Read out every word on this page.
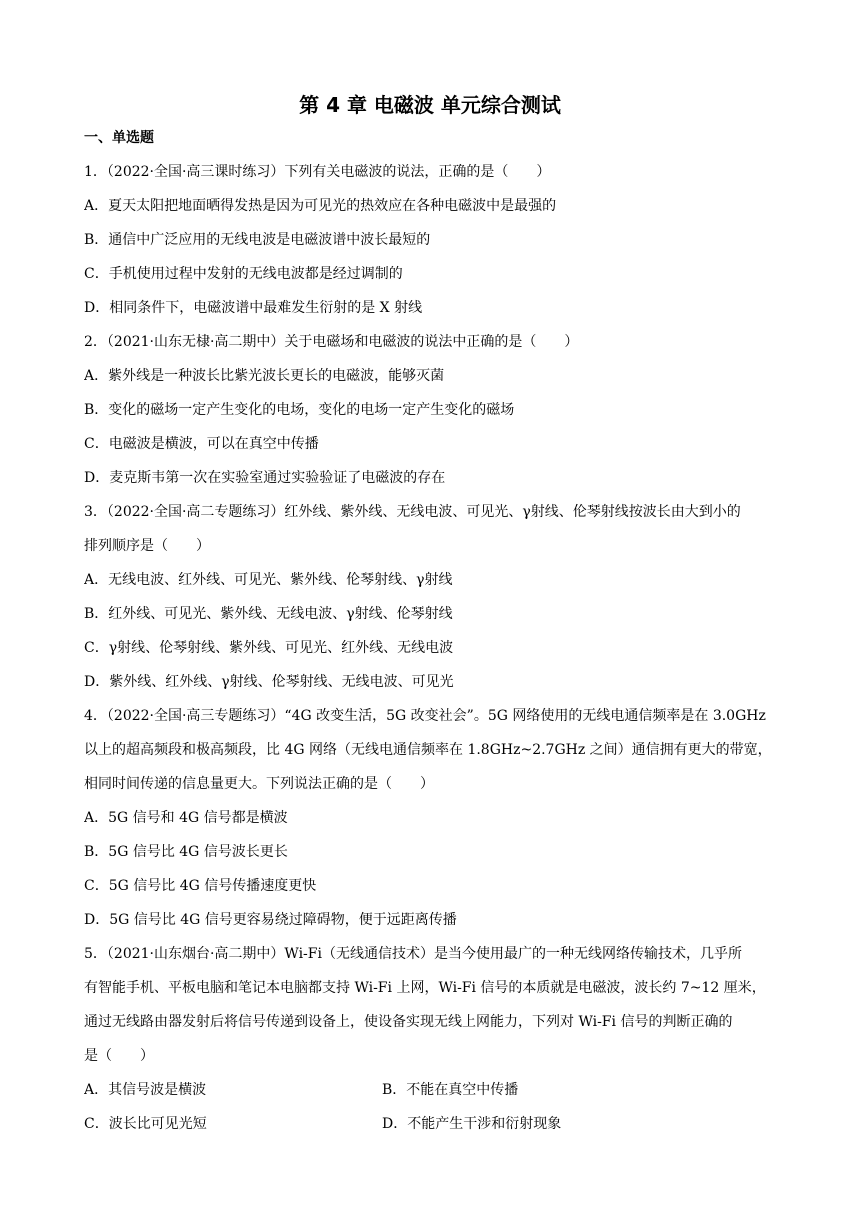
第 4 章 电磁波 单元综合测试
一、单选题
1．（2022·全国·高三课时练习）下列有关电磁波的说法，正确的是（　　）
A．夏天太阳把地面晒得发热是因为可见光的热效应在各种电磁波中是最强的
B．通信中广泛应用的无线电波是电磁波谱中波长最短的
C．手机使用过程中发射的无线电波都是经过调制的
D．相同条件下，电磁波谱中最难发生衍射的是 X 射线
2．（2021·山东无棣·高二期中）关于电磁场和电磁波的说法中正确的是（　　）
A．紫外线是一种波长比紫光波长更长的电磁波，能够灭菌
B．变化的磁场一定产生变化的电场，变化的电场一定产生变化的磁场
C．电磁波是横波，可以在真空中传播
D．麦克斯韦第一次在实验室通过实验验证了电磁波的存在
3．（2022·全国·高二专题练习）红外线、紫外线、无线电波、可见光、γ射线、伦琴射线按波长由大到小的
排列顺序是（　　）
A．无线电波、红外线、可见光、紫外线、伦琴射线、γ射线
B．红外线、可见光、紫外线、无线电波、γ射线、伦琴射线
C．γ射线、伦琴射线、紫外线、可见光、红外线、无线电波
D．紫外线、红外线、γ射线、伦琴射线、无线电波、可见光
4．（2022·全国·高三专题练习）“4G 改变生活，5G 改变社会”。5G 网络使用的无线电通信频率是在 3.0GHz
以上的超高频段和极高频段，比 4G 网络（无线电通信频率在 1.8GHz~2.7GHz 之间）通信拥有更大的带宽，
相同时间传递的信息量更大。下列说法正确的是（　　）
A．5G 信号和 4G 信号都是横波
B．5G 信号比 4G 信号波长更长
C．5G 信号比 4G 信号传播速度更快
D．5G 信号比 4G 信号更容易绕过障碍物，便于远距离传播
5．（2021·山东烟台·高二期中）Wi-Fi（无线通信技术）是当今使用最广的一种无线网络传输技术，几乎所
有智能手机、平板电脑和笔记本电脑都支持 Wi-Fi 上网，Wi-Fi 信号的本质就是电磁波，波长约 7~12 厘米，
通过无线路由器发射后将信号传递到设备上，使设备实现无线上网能力，下列对 Wi-Fi 信号的判断正确的
是（　　）
A．其信号波是横波	B．不能在真空中传播
C．波长比可见光短	D．不能产生干涉和衍射现象
